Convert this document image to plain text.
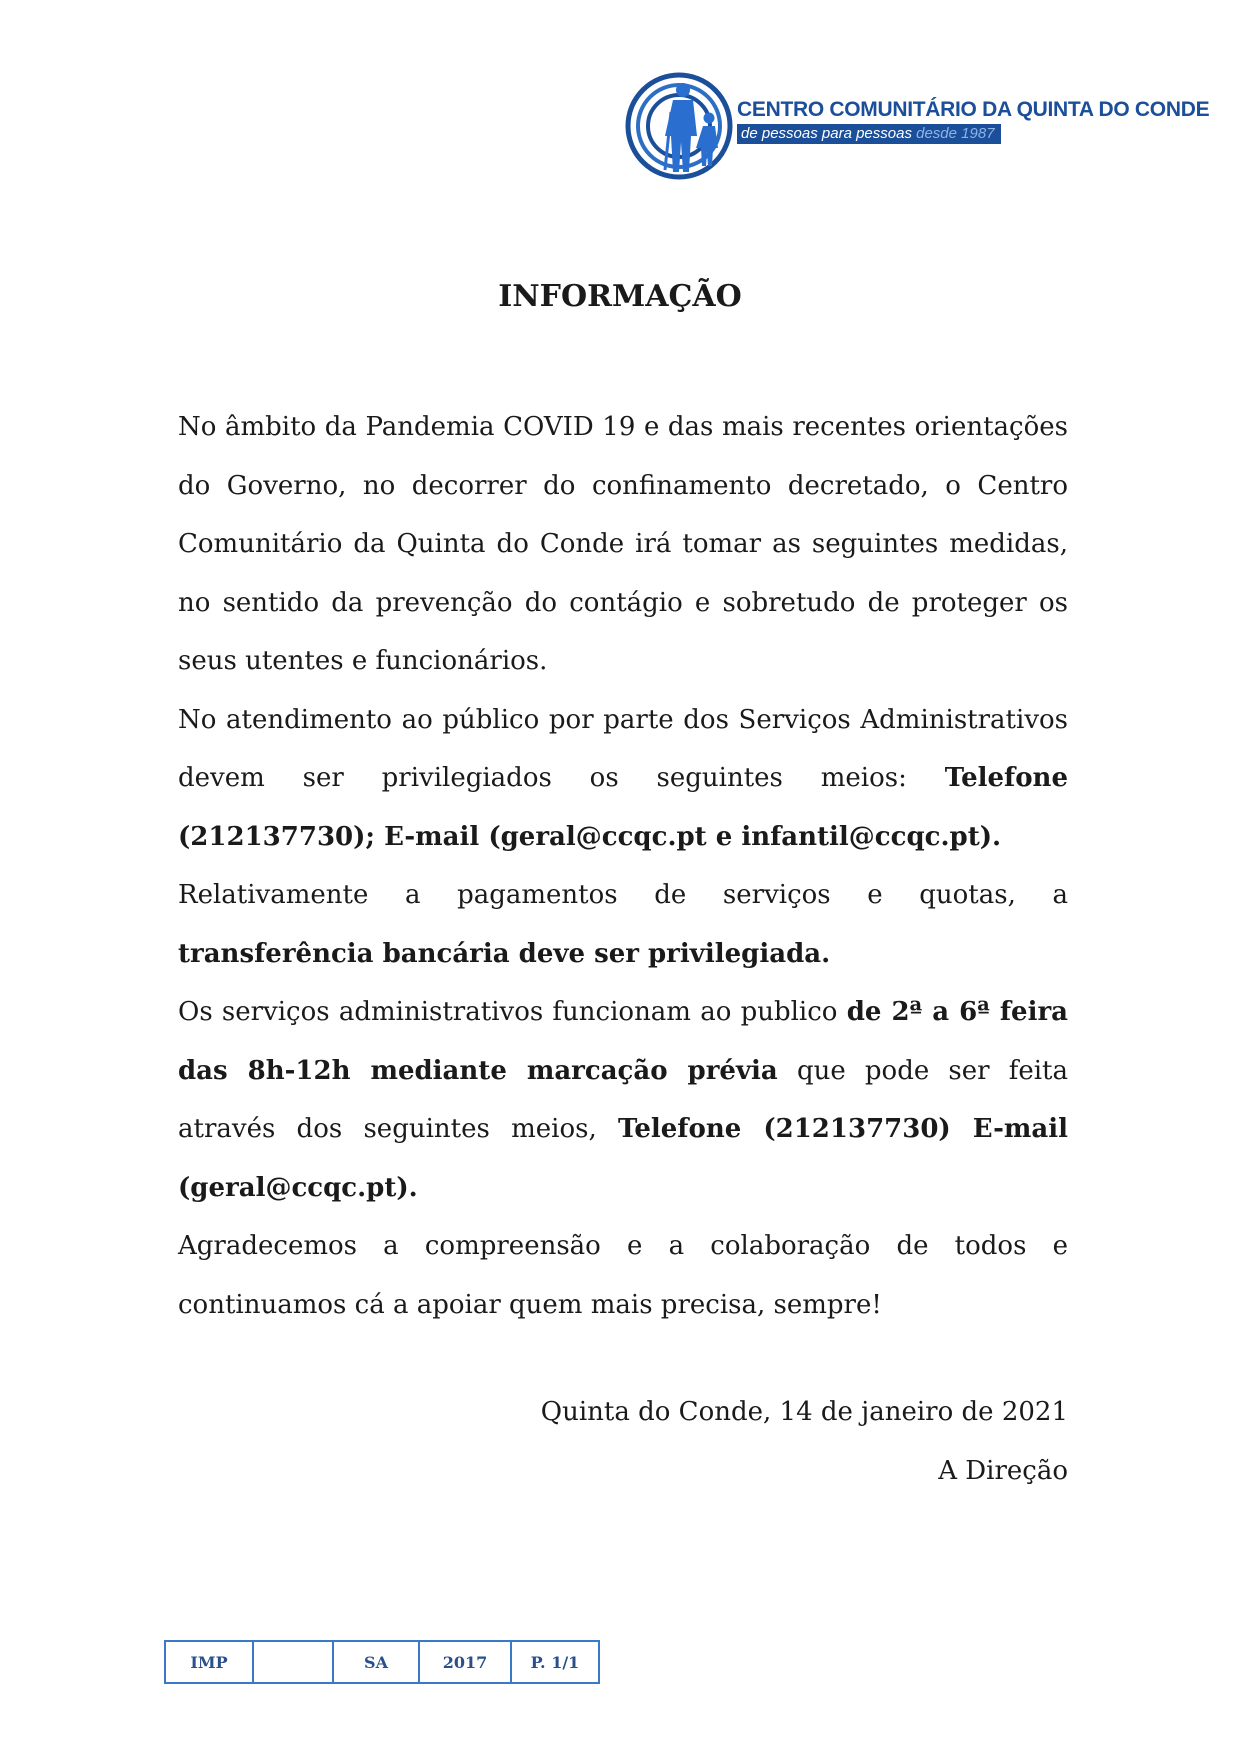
CENTRO COMUNITÁRIO DA QUINTA DO CONDE
de pessoas para pessoas desde 1987
INFORMAÇÃO

No âmbito da Pandemia COVID 19 e das mais recentes orientações do Governo, no decorrer do confinamento decretado, o Centro Comunitário da Quinta do Conde irá tomar as seguintes medidas, no sentido da prevenção do contágio e sobretudo de proteger os seus utentes e funcionários.

No atendimento ao público por parte dos Serviços Administrativos devem ser privilegiados os seguintes meios: Telefone (212137730); E-mail (geral@ccqc.pt e infantil@ccqc.pt).

Relativamente a pagamentos de serviços e quotas, a transferência bancária deve ser privilegiada.

Os serviços administrativos funcionam ao publico de 2ª a 6ª feira das 8h-12h mediante marcação prévia que pode ser feita através dos seguintes meios, Telefone (212137730) E-mail (geral@ccqc.pt).

Agradecemos a compreensão e a colaboração de todos e continuamos cá a apoiar quem mais precisa, sempre!

Quinta do Conde, 14 de janeiro de 2021
A Direção
IMP		SA	2017	P. 1/1
